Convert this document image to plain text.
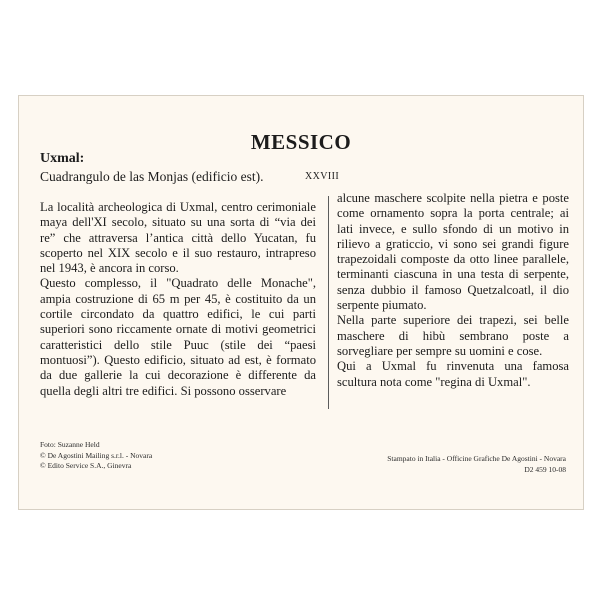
MESSICO
Uxmal:
Cuadrangulo de las Monjas (edificio est).	XXVIII

La località archeologica di Uxmal, centro cerimoniale maya dell'XI secolo, situato su una sorta di “via dei re” che attraversa l’antica città dello Yucatan, fu scoperto nel XIX secolo e il suo restauro, intrapreso nel 1943, è ancora in corso.

Questo complesso, il "Quadrato delle Monache", ampia costruzione di 65 m per 45, è costituito da un cortile circondato da quattro edifici, le cui parti superiori sono riccamente ornate di motivi geometrici caratteristici dello stile Puuc (stile dei “paesi montuosi”). Questo edificio, situato ad est, è formato da due gallerie la cui decorazione è differente da quella degli altri tre edifici. Si possono osservare

alcune maschere scolpite nella pietra e poste come ornamento sopra la porta centrale; ai lati invece, e sullo sfondo di un motivo in rilievo a graticcio, vi sono sei grandi figure trapezoidali composte da otto linee parallele, terminanti ciascuna in una testa di serpente, senza dubbio il famoso Quetzalcoatl, il dio serpente piumato.

Nella parte superiore dei trapezi, sei belle maschere di hibù sembrano poste a sorvegliare per sempre su uomini e cose.

Qui a Uxmal fu rinvenuta una famosa scultura nota come "regina di Uxmal".

Foto: Suzanne Held
© De Agostini Mailing s.r.l. - Novara
© Edito Service S.A., Ginevra
Stampato in Italia - Officine Grafiche De Agostini - Novara
D2 459 10-08
